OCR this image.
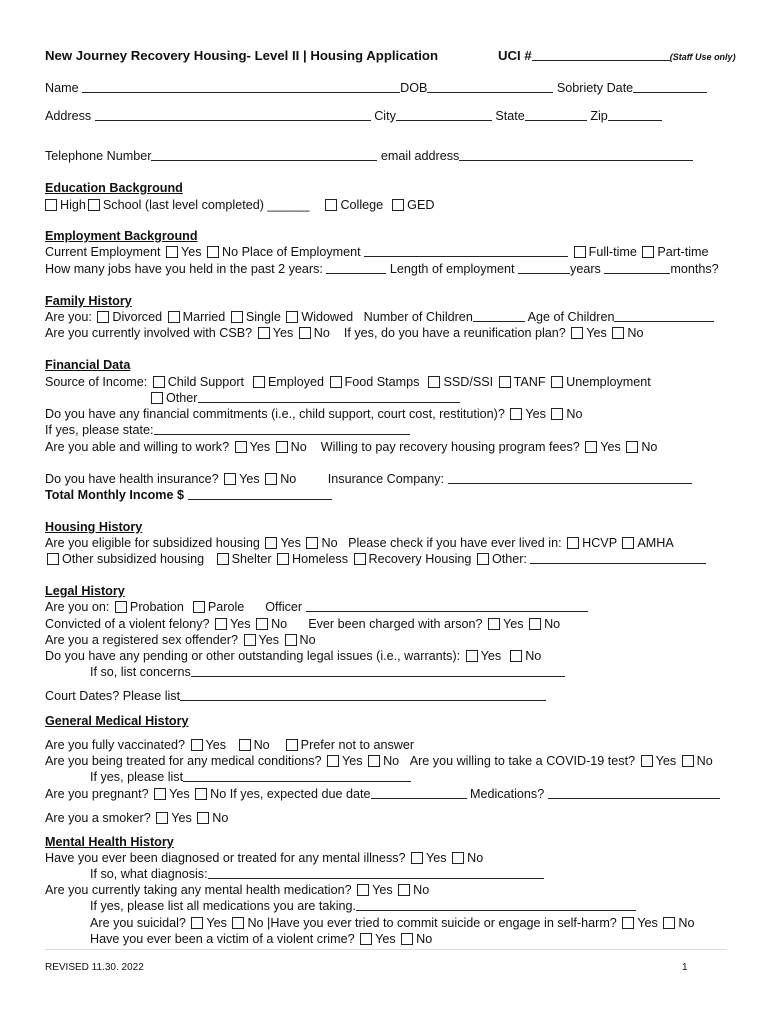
New Journey Recovery Housing- Level II | Housing Application	UCI #	(Staff Use only)
Name	DOB	Sobriety Date
Address	City	State	Zip
Telephone Number	email address
Education Background
High School (last level completed) ______ College GED
Employment Background
Current Employment Yes No Place of Employment	Full-time Part-time
How many jobs have you held in the past 2 years:	Length of employment	years	months?
Family History
Are you: Divorced Married Single Widowed Number of Children	Age of Children
Are you currently involved with CSB? Yes No If yes, do you have a reunification plan? Yes No
Financial Data
Source of Income: Child Support Employed Food Stamps SSD/SSI TANF Unemployment
Other
Do you have any financial commitments (i.e., child support, court cost, restitution)? Yes No
If yes, please state:
Are you able and willing to work? Yes No Willing to pay recovery housing program fees? Yes No
Do you have health insurance? Yes No	Insurance Company:
Total Monthly Income $
Housing History
Are you eligible for subsidized housing Yes No Please check if you have ever lived in: HCVP AMHA
Other subsidized housing Shelter Homeless Recovery Housing Other:
Legal History
Are you on: Probation Parole Officer
Convicted of a violent felony? Yes No Ever been charged with arson? Yes No
Are you a registered sex offender? Yes No
Do you have any pending or other outstanding legal issues (i.e., warrants): Yes No
If so, list concerns
Court Dates? Please list
General Medical History
Are you fully vaccinated? Yes No Prefer not to answer
Are you being treated for any medical conditions? Yes No Are you willing to take a COVID-19 test? Yes No
If yes, please list
Are you pregnant? Yes No If yes, expected due date	Medications?
Are you a smoker? Yes No
Mental Health History
Have you ever been diagnosed or treated for any mental illness? Yes No
If so, what diagnosis:
Are you currently taking any mental health medication? Yes No
If yes, please list all medications you are taking.
Are you suicidal? Yes No |Have you ever tried to commit suicide or engage in self-harm? Yes No
Have you ever been a victim of a violent crime? Yes No
REVISED 11.30. 2022	1
